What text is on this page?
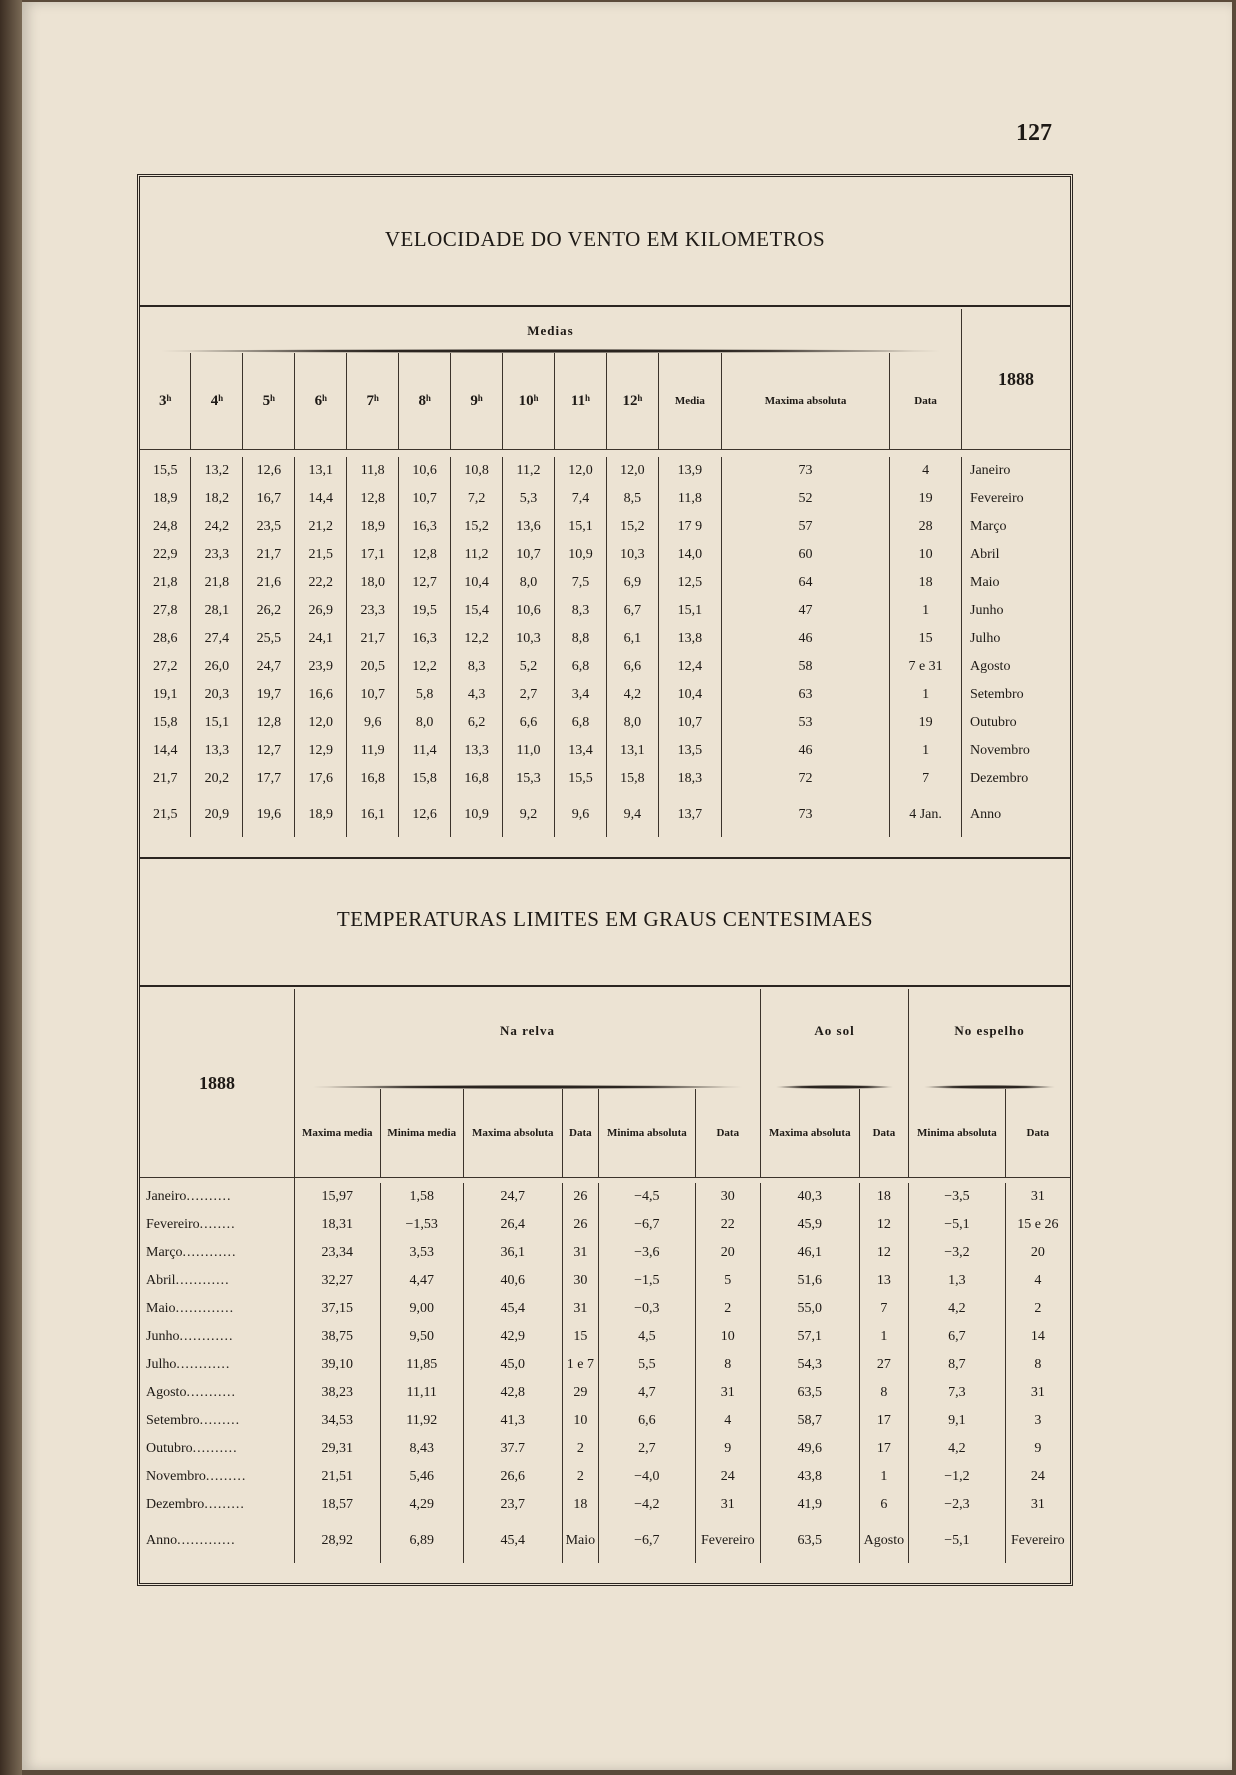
127
VELOCIDADE DO VENTO EM KILOMETROS
Medias													1888
3ʰ	4ʰ	5ʰ	6ʰ	7ʰ	8ʰ	9ʰ	10ʰ	11ʰ	12ʰ	Media	Maxima absoluta	Data	

15,5	13,2	12,6	13,1	11,8	10,6	10,8	11,2	12,0	12,0	13,9	73	4	Janeiro
18,9	18,2	16,7	14,4	12,8	10,7	7,2	5,3	7,4	8,5	11,8	52	19	Fevereiro
24,8	24,2	23,5	21,2	18,9	16,3	15,2	13,6	15,1	15,2	17 9	57	28	Março
22,9	23,3	21,7	21,5	17,1	12,8	11,2	10,7	10,9	10,3	14,0	60	10	Abril
21,8	21,8	21,6	22,2	18,0	12,7	10,4	8,0	7,5	6,9	12,5	64	18	Maio
27,8	28,1	26,2	26,9	23,3	19,5	15,4	10,6	8,3	6,7	15,1	47	1	Junho
28,6	27,4	25,5	24,1	21,7	16,3	12,2	10,3	8,8	6,1	13,8	46	15	Julho
27,2	26,0	24,7	23,9	20,5	12,2	8,3	5,2	6,8	6,6	12,4	58	7 e 31	Agosto
19,1	20,3	19,7	16,6	10,7	5,8	4,3	2,7	3,4	4,2	10,4	63	1	Setembro
15,8	15,1	12,8	12,0	9,6	8,0	6,2	6,6	6,8	8,0	10,7	53	19	Outubro
14,4	13,3	12,7	12,9	11,9	11,4	13,3	11,0	13,4	13,1	13,5	46	1	Novembro
21,7	20,2	17,7	17,6	16,8	15,8	16,8	15,3	15,5	15,8	18,3	72	7	Dezembro
21,5	20,9	19,6	18,9	16,1	12,6	10,9	9,2	9,6	9,4	13,7	73	4 Jan.	Anno
TEMPERATURAS LIMITES EM GRAUS CENTESIMAES
1888	Na relva						Ao sol		No espelho	

	Maxima media	Minima media	Maxima absoluta	Data	Minima absoluta	Data	Maxima absoluta	Data	Minima absoluta	Data

Janeiro..........	15,97	1,58	24,7	26	−4,5	30	40,3	18	−3,5	31
Fevereiro........	18,31	−1,53	26,4	26	−6,7	22	45,9	12	−5,1	15 e 26
Março............	23,34	3,53	36,1	31	−3,6	20	46,1	12	−3,2	20
Abril............	32,27	4,47	40,6	30	−1,5	5	51,6	13	1,3	4
Maio.............	37,15	9,00	45,4	31	−0,3	2	55,0	7	4,2	2
Junho............	38,75	9,50	42,9	15	4,5	10	57,1	1	6,7	14
Julho............	39,10	11,85	45,0	1 e 7	5,5	8	54,3	27	8,7	8
Agosto...........	38,23	11,11	42,8	29	4,7	31	63,5	8	7,3	31
Setembro.........	34,53	11,92	41,3	10	6,6	4	58,7	17	9,1	3
Outubro..........	29,31	8,43	37.7	2	2,7	9	49,6	17	4,2	9
Novembro.........	21,51	5,46	26,6	2	−4,0	24	43,8	1	−1,2	24
Dezembro.........	18,57	4,29	23,7	18	−4,2	31	41,9	6	−2,3	31
Anno.............	28,92	6,89	45,4	Maio	−6,7	Fevereiro	63,5	Agosto	−5,1	Fevereiro
